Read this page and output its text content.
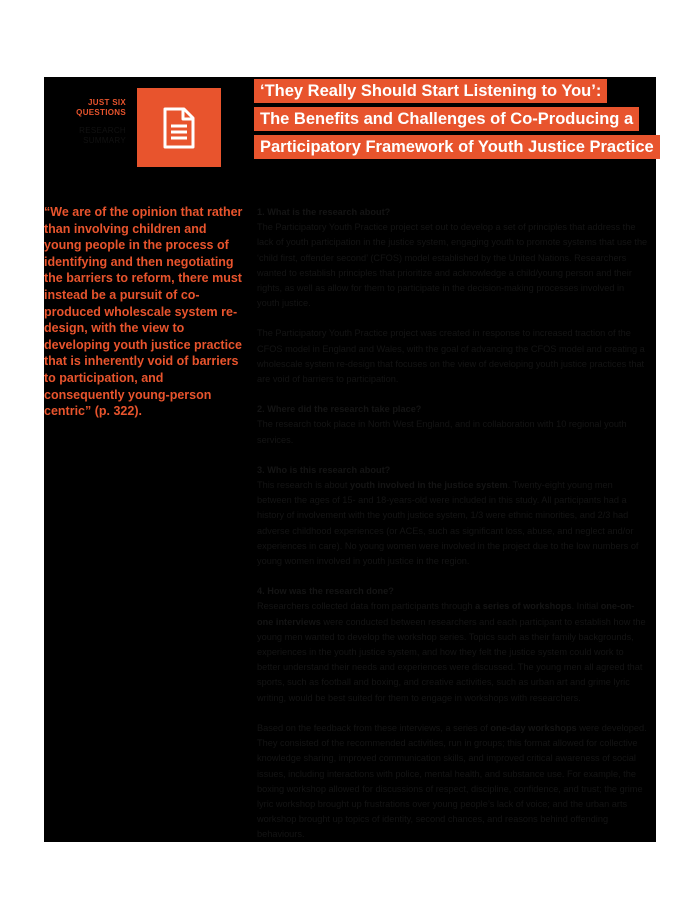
JUST SIX
QUESTIONS
RESEARCH
SUMMARY
‘They Really Should Start Listening to You’:
The Benefits and Challenges of Co-Producing a
Participatory Framework of Youth Justice Practice
“We are of the opinion that rather than involving children and young people in the process of identifying and then negotiating the barriers to reform, there must instead be a pursuit of co-produced wholescale system re-design, with the view to developing youth justice practice that is inherently void of barriers to participation, and consequently young-person centric” (p. 322).
1. What is the research about?

The Participatory Youth Practice project set out to develop a set of principles that address the lack of youth participation in the justice system, engaging youth to promote systems that use the ‘child first, offender second’ (CFOS) model established by the United Nations. Researchers wanted to establish principles that prioritize and acknowledge a child/young person and their rights, as well as allow for them to participate in the decision-making processes involved in youth justice.

The Participatory Youth Practice project was created in response to increased traction of the CFOS model in England and Wales, with the goal of advancing the CFOS model and creating a wholescale system re-design that focuses on the view of developing youth justice practices that are void of barriers to participation.

2. Where did the research take place?

The research took place in North West England, and in collaboration with 10 regional youth services.

3. Who is this research about?

This research is about youth involved in the justice system. Twenty-eight young men between the ages of 15- and 18-years-old were included in this study. All participants had a history of involvement with the youth justice system, 1/3 were ethnic minorities, and 2/3 had adverse childhood experiences (or ACEs, such as significant loss, abuse, and neglect and/or experiences in care). No young women were involved in the project due to the low numbers of young women involved in youth justice in the region.

4. How was the research done?

Researchers collected data from participants through a series of workshops. Initial one-on-one interviews were conducted between researchers and each participant to establish how the young men wanted to develop the workshop series. Topics such as their family backgrounds, experiences in the youth justice system, and how they felt the justice system could work to better understand their needs and experiences were discussed. The young men all agreed that sports, such as football and boxing, and creative activities, such as urban art and grime lyric writing, would be best suited for them to engage in workshops with researchers.

Based on the feedback from these interviews, a series of one-day workshops were developed. They consisted of the recommended activities, run in groups; this format allowed for collective knowledge sharing, improved communication skills, and improved critical awareness of social issues, including interactions with police, mental health, and substance use. For example, the boxing workshop allowed for discussions of respect, discipline, confidence, and trust; the grime lyric workshop brought up frustrations over young people’s lack of voice; and the urban arts workshop brought up topics of identity, second chances, and reasons behind offending behaviours.
